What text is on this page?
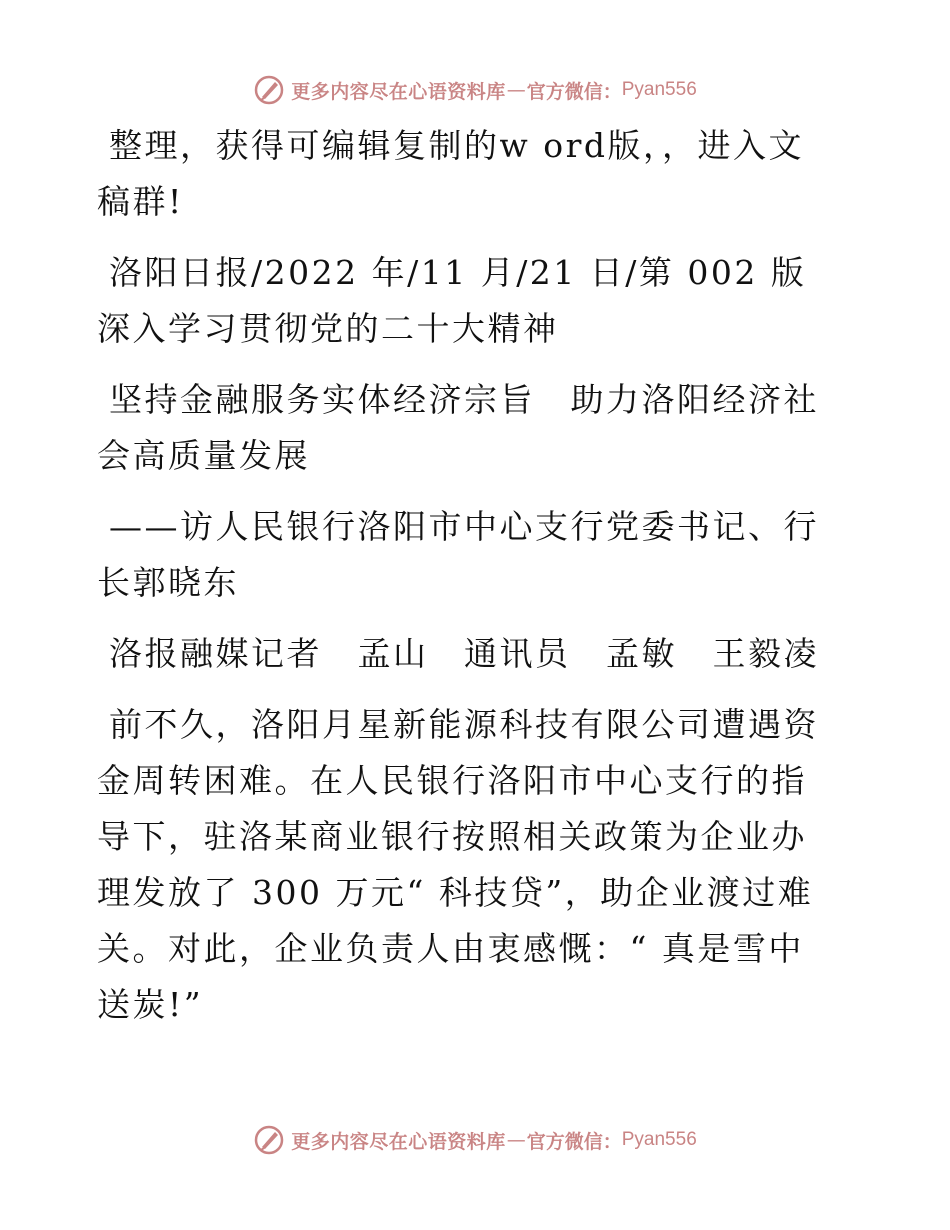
更多内容尽在心语资料库 — 官方微信： Pyan556

整理，获得可编辑复制的w ord版，，进入文稿群!

洛阳日报/2022 年/11 月/21 日/第 002 版深入学习贯彻党的二十大精神

坚持金融服务实体经济宗旨　助力洛阳经济社会高质量发展

——访人民银行洛阳市中心支行党委书记、行长郭晓东

洛报融媒记者　孟山　通讯员　孟敏　王毅凌

前不久，洛阳月星新能源科技有限公司遭遇资金周转困难。在人民银行洛阳市中心支行的指导下，驻洛某商业银行按照相关政策为企业办理发放了 300 万元“ 科技贷”，助企业渡过难关。对此，企业负责人由衷感慨：“ 真是雪中送炭!”

更多内容尽在心语资料库 — 官方微信： Pyan556
